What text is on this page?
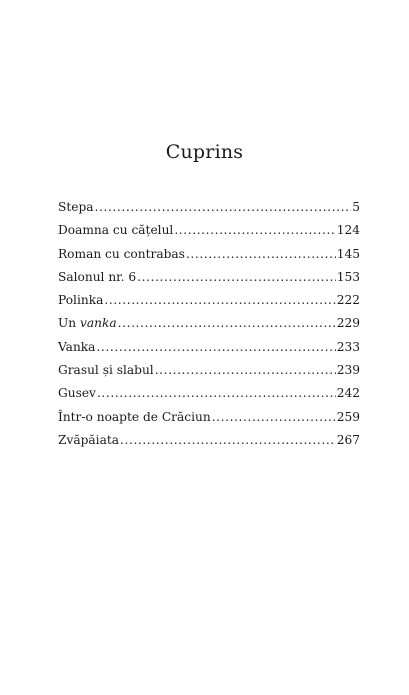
Cuprins
Stepa .....	5
Doamna cu cățelul .....	124
Roman cu contrabas .....	145
Salonul nr. 6 .....	153
Polinka .....	222
Un vanka .....	229
Vanka .....	233
Grasul și slabul .....	239
Gusev .....	242
Într-o noapte de Crăciun .....	259
Zvăpăiata .....	267
